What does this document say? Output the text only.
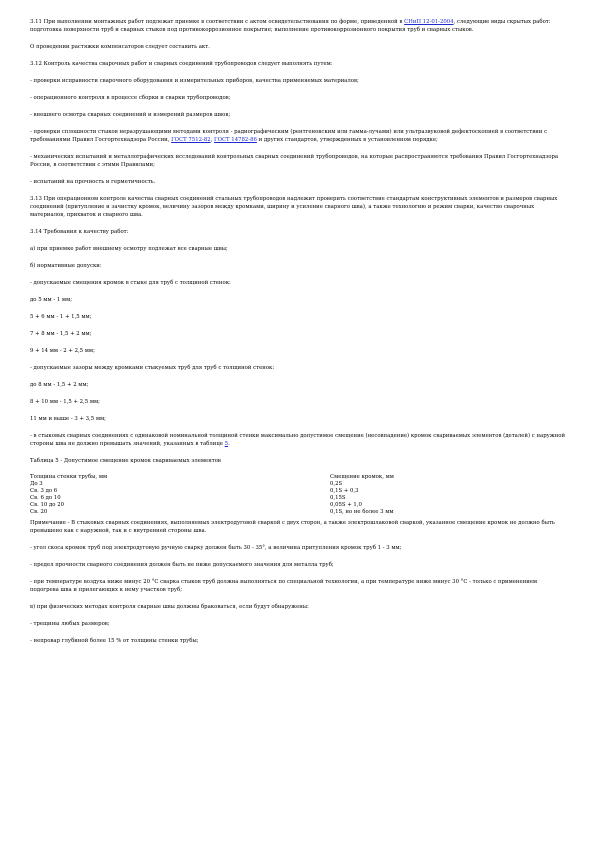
3.11 При выполнении монтажных работ подлежат приемке в соответствии с актом освидетельствования по форме, приведенной в СНиП 12-01-2004, следующие виды скрытых работ: подготовка поверхности труб и сварных стыков под противокоррозионное покрытие; выполнение противокоррозионного покрытия труб и сварных стыков.

О проведении растяжки компенсаторов следует составить акт.

3.12 Контроль качества сварочных работ и сварных соединений трубопроводов следует выполнять путем:

- проверки исправности сварочного оборудования и измерительных приборов, качества применяемых материалов;

- операционного контроля в процессе сборки и сварки трубопроводов;

- внешнего осмотра сварных соединений и измерений размеров швов;

- проверки сплошности стыков неразрушающими методами контроля - радиографическим (рентгеновским или гамма-лучами) или ультразвуковой дефектоскопией в соответствии с требованиями Правил Госгортехнадзора России, ГОСТ 7512-82, ГОСТ 14782-86 и других стандартов, утвержденных в установленном порядке;

- механических испытаний и металлографических исследований контрольных сварных соединений трубопроводов, на которые распространяются требования Правил Госгортехнадзора России, в соответствии с этими Правилами;

- испытаний на прочность и герметичность.

3.13 При операционном контроле качества сварных соединений стальных трубопроводов надлежит проверить соответствие стандартам конструктивных элементов и размеров сварных соединений (притупление и зачистку кромок, величину зазоров между кромками, ширину и усиление сварного шва), а также технологию и режим сварки, качество сварочных материалов, прихваток и сварного шва.

3.14 Требования к качеству работ:

а) при приемке работ внешнему осмотру подлежат все сварные швы;

б) нормативные допуски:

- допускаемые смещения кромок в стыке для труб с толщиной стенок:

до 5 мм - 1 мм;

5 + 6 мм - 1 + 1,5 мм;

7 + 8 мм - 1,5 + 2 мм;

9 + 14 мм - 2 + 2,5 мм;

- допускаемые зазоры между кромками стыкуемых труб для труб с толщиной стенок:

до 8 мм - 1,5 + 2 мм;

8 + 10 мм - 1,5 + 2,5 мм;

11 мм и выше - 3 + 3,5 мм;

- в стыковых сварных соединениях с одинаковой номинальной толщиной стенки максимально допустимое смещение (несовпадение) кромок свариваемых элементов (деталей) с наружной стороны шва не должно превышать значений, указанных в таблице 5.

Таблица 5 - Допустимое смещение кромок свариваемых элементов

Толщина стенки трубы, мм	Смещение кромок, мм
До 3	0,2S
Св. 3 до 6	0,1S + 0,3
Св. 6 до 10	0,15S
Св. 10 до 20	0,05S + 1,0
Св. 20	0,1S, но не более 3 мм

Примечание - В стыковых сварных соединениях, выполняемых электродуговой сваркой с двух сторон, а также электрошлаковой сваркой, указанное смещение кромок не должно быть превышено как с наружной, так и с внутренней стороны шва.

- угол скоса кромок труб под электродуговую ручную сварку должен быть 30 - 35°, а величина притупления кромок труб 1 - 3 мм;

- предел прочности сварного соединения должен быть не ниже допускаемого значения для металла труб;

- при температуре воздуха ниже минус 20 °С сварка стыков труб должна выполняться по специальной технологии, а при температуре ниже минус 30 °С - только с применением подогрева шва и прилегающих к нему участков труб;

в) при физических методах контроля сварные швы должны браковаться, если будут обнаружены:

- трещины любых размеров;

- непровар глубиной более 15 % от толщины стенки трубы;
